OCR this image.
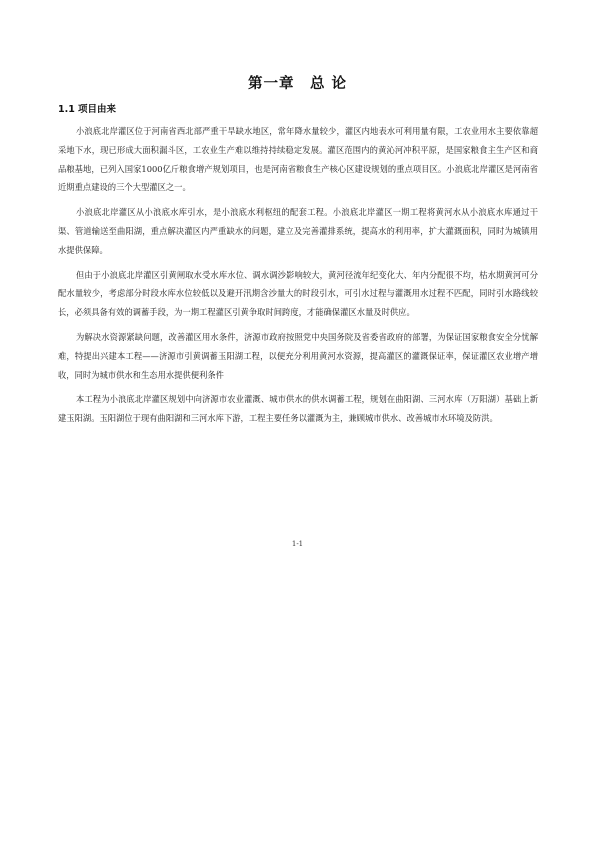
第一章　总 论
1.1 项目由来

小浪底北岸灌区位于河南省西北部严重干旱缺水地区，常年降水量较少，灌区内地表水可利用量有限，工农业用水主要依靠超采地下水，现已形成大面积漏斗区，工农业生产难以维持持续稳定发展。灌区范围内的黄沁河冲积平原，是国家粮食主生产区和商品粮基地，已列入国家1000亿斤粮食增产规划项目，也是河南省粮食生产核心区建设规划的重点项目区。小浪底北岸灌区是河南省近期重点建设的三个大型灌区之一。

小浪底北岸灌区从小浪底水库引水，是小浪底水利枢纽的配套工程。小浪底北岸灌区一期工程将黄河水从小浪底水库通过干渠、管道输送至曲阳湖，重点解决灌区内严重缺水的问题，建立及完善灌排系统，提高水的利用率，扩大灌溉面积，同时为城镇用水提供保障。

但由于小浪底北岸灌区引黄闸取水受水库水位、调水调沙影响较大，黄河径流年纪变化大、年内分配很不均，枯水期黄河可分配水量较少，考虑部分时段水库水位较低以及避开汛期含沙量大的时段引水，可引水过程与灌溉用水过程不匹配，同时引水路线较长，必须具备有效的调蓄手段，为一期工程灌区引黄争取时间跨度，才能确保灌区水量及时供应。

为解决水资源紧缺问题，改善灌区用水条件，济源市政府按照党中央国务院及省委省政府的部署，为保证国家粮食安全分忧解难，特提出兴建本工程——济源市引黄调蓄玉阳湖工程，以便充分利用黄河水资源，提高灌区的灌溉保证率，保证灌区农业增产增收，同时为城市供水和生态用水提供便利条件

本工程为小浪底北岸灌区规划中向济源市农业灌溉、城市供水的供水调蓄工程，规划在曲阳湖、三河水库（万阳湖）基础上新建玉阳湖。玉阳湖位于现有曲阳湖和三河水库下游，工程主要任务以灌溉为主，兼顾城市供水、改善城市水环境及防洪。

1-1
